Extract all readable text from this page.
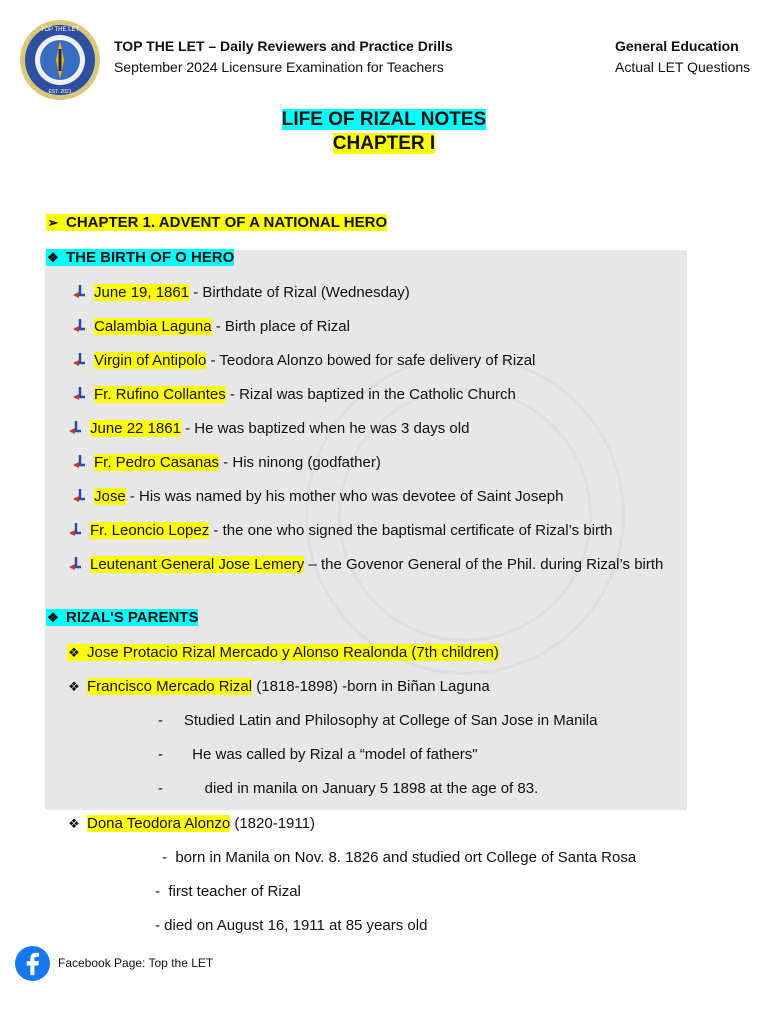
TOP THE LET
EST. 2021
TOP THE LET – Daily Reviewers and Practice Drills
September 2024 Licensure Examination for Teachers
General Education
Actual LET Questions
LIFE OF RIZAL NOTES
CHAPTER I
➢ CHAPTER 1. ADVENT OF A NATIONAL HERO
❖ THE BIRTH OF O HERO
June 19, 1861 - Birthdate of Rizal (Wednesday)
Calambia Laguna - Birth place of Rizal
Virgin of Antipolo - Teodora Alonzo bowed for safe delivery of Rizal
Fr. Rufino Collantes - Rizal was baptized in the Catholic Church
June 22 1861 - He was baptized when he was 3 days old
Fr. Pedro Casanas - His ninong (godfather)
Jose - His was named by his mother who was devotee of Saint Joseph
Fr. Leoncio Lopez - the one who signed the baptismal certificate of Rizal’s birth
Leutenant General Jose Lemery – the Govenor General of the Phil. during Rizal’s birth
❖ RIZAL'S PARENTS
❖ Jose Protacio Rizal Mercado y Alonso Realonda (7th children)
❖ Francisco Mercado Rizal (1818-1898) -born in Biñan Laguna
-     Studied Latin and Philosophy at College of San Jose in Manila
-       He was called by Rizal a “model of fathers"
-          died in manila on January 5 1898 at the age of 83.
❖ Dona Teodora Alonzo (1820-1911)
-  born in Manila on Nov. 8. 1826 and studied ort College of Santa Rosa
-  first teacher of Rizal
- died on August 16, 1911 at 85 years old
Facebook Page: Top the LET
